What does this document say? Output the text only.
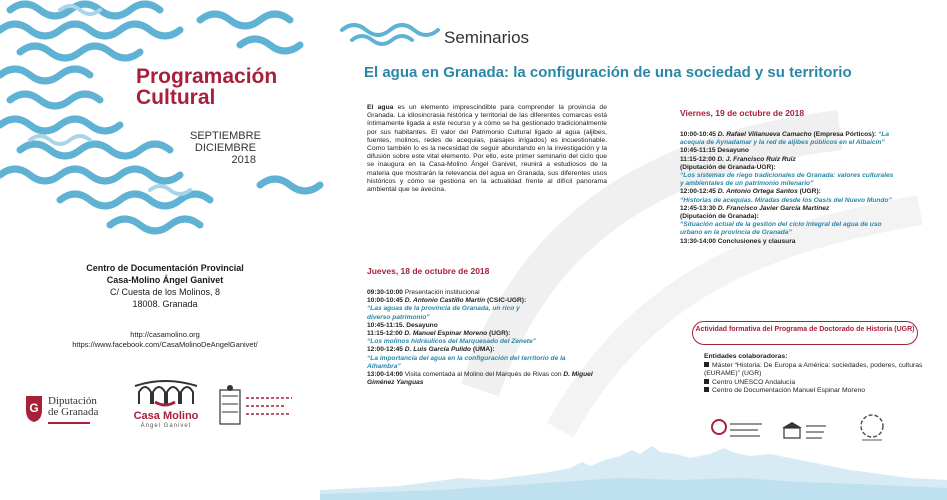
Programación
Cultural
SEPTIEMBRE
DICIEMBRE
2018
Centro de Documentación Provincial
Casa-Molino Ángel Ganivet
C/ Cuesta de los Molinos, 8
18008. Granada
http://casamolino.org
https://www.facebook.com/CasaMolinoDeAngelGanivet/
G Diputación
de Granada	Casa Molino
Ángel Ganivet
Seminarios
El agua en Granada: la configuración de una sociedad y su territorio
El agua es un elemento imprescindible para comprender la provincia de Granada. La idiosincrasia histórica y territorial de las diferentes comarcas está íntimamente ligada a este recurso y a cómo se ha gestionado tradicionalmente por sus habitantes. El valor del Patrimonio Cultural ligado al agua (aljibes, fuentes, molinos, redes de acequias, paisajes irrigados) es incuestionable. Como también lo es la necesidad de seguir abundando en la investigación y la difusión sobre este vital elemento. Por ello, este primer seminario del ciclo que se inaugura en la Casa-Molino Ángel Ganivet, reunirá a estudiosos de la materia que mostrarán la relevancia del agua en Granada, sus diferentes usos históricos y cómo se gestiona en la actualidad frente al difícil panorama ambiental que se avecina.
Jueves, 18 de octubre de 2018
09:30-10:00 Presentación institucional
10:00-10:45 D. Antonio Castillo Martín (CSIC-UGR):
“Las aguas de la provincia de Granada, un rico y diverso patrimonio”
10:45-11:15. Desayuno
11:15-12:00 D. Manuel Espinar Moreno (UGR):
“Los molinos hidráulicos del Marquesado del Zenete”
12:00-12:45 D. Luis García Pulido (UMA):
“La importancia del agua en la configuración del territorio de la Alhambra”
13:00-14:00 Visita comentada al Molino del Marqués de Rivas con D. Miguel Giménez Yanguas
Viernes, 19 de octubre de 2018
10:00-10:45 D. Rafael Villanueva Camacho (Empresa Pórticos): “La acequia de Aynadamar y la red de aljibes públicos en el Albaicín”
10:45-11:15 Desayuno
11:15-12:00 D. J. Francisco Ruiz Ruiz
(Diputación de Granada-UGR):
“Los sistemas de riego tradicionales de Granada: valores culturales y ambientales de un patrimonio milenario”
12:00-12:45 D. Antonio Ortega Santos (UGR):
“Historias de acequias. Miradas desde los Oasis del Nuevo Mundo”
12:45-13:30 D. Francisco Javier García Martínez
(Diputación de Granada):
“Situación actual de la gestión del ciclo integral del agua de uso urbano en la provincia de Granada”
13:30-14:00 Conclusiones y clausura
Actividad formativa del Programa de Doctorado de Historia (UGR)
Entidades colaboradoras:
Máster “Historia: De Europa a América: sociedades, poderes, culturas (EURAME)” (UGR)
Centro UNESCO Andalucía
Centro de Documentación Manuel Espinar Moreno
